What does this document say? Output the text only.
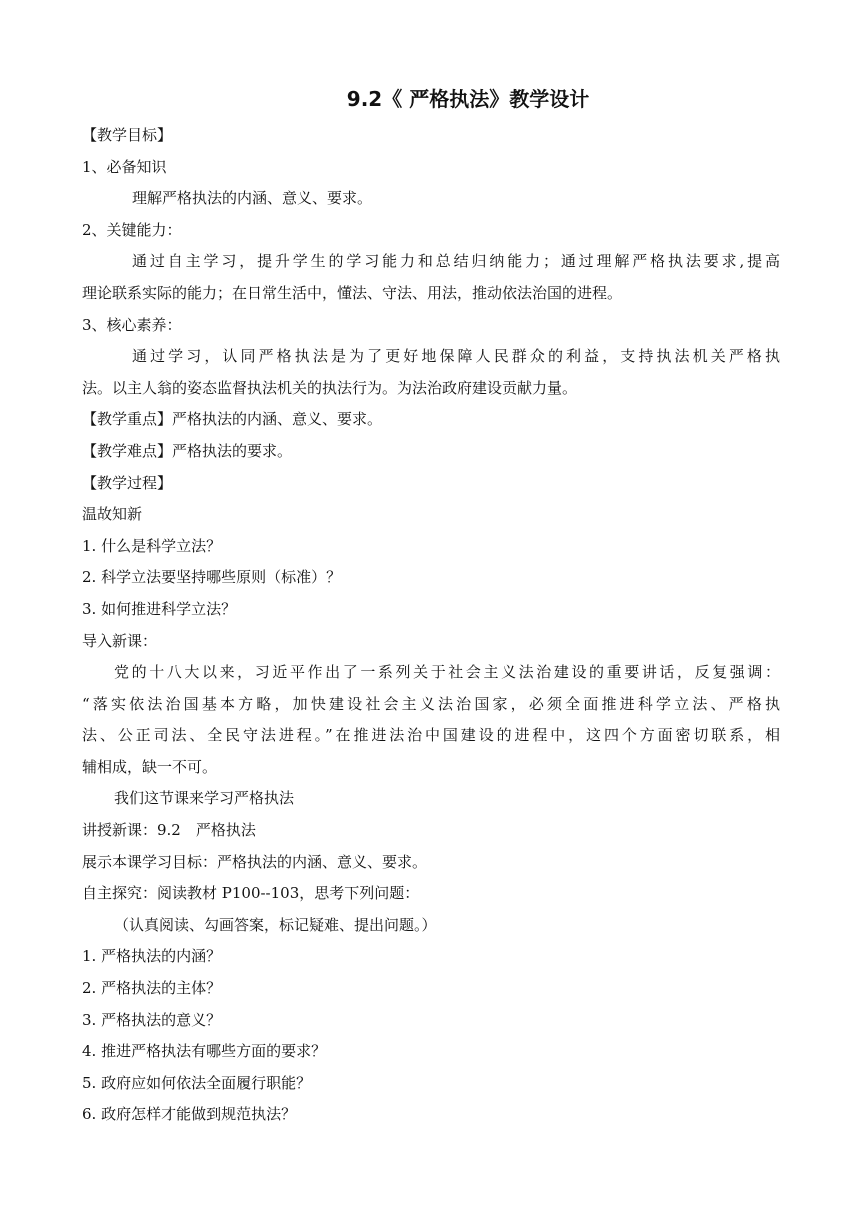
9.2《 严格执法》教学设计
【教学目标】
1、必备知识
理解严格执法的内涵、意义、要求。
2、关键能力：
通过自主学习，提升学生的学习能力和总结归纳能力；通过理解严格执法要求,提高
理论联系实际的能力；在日常生活中，懂法、守法、用法，推动依法治国的进程。
3、核心素养：
通过学习，认同严格执法是为了更好地保障人民群众的利益，支持执法机关严格执
法。以主人翁的姿态监督执法机关的执法行为。为法治政府建设贡献力量。
【教学重点】严格执法的内涵、意义、要求。
【教学难点】严格执法的要求。
【教学过程】
温故知新
1. 什么是科学立法？
2. 科学立法要坚持哪些原则（标准）？
3. 如何推进科学立法？
导入新课：
党的十八大以来，习近平作出了一系列关于社会主义法治建设的重要讲话，反复强调：
“落实依法治国基本方略，加快建设社会主义法治国家，必须全面推进科学立法、严格执
法、公正司法、全民守法进程。”在推进法治中国建设的进程中，这四个方面密切联系，相
辅相成，缺一不可。
我们这节课来学习严格执法
讲授新课：9.2　严格执法
展示本课学习目标：严格执法的内涵、意义、要求。
自主探究：阅读教材 P100--103，思考下列问题：
（认真阅读、勾画答案，标记疑难、提出问题。）
1. 严格执法的内涵？
2. 严格执法的主体？
3. 严格执法的意义？
4. 推进严格执法有哪些方面的要求？
5. 政府应如何依法全面履行职能？
6. 政府怎样才能做到规范执法？
